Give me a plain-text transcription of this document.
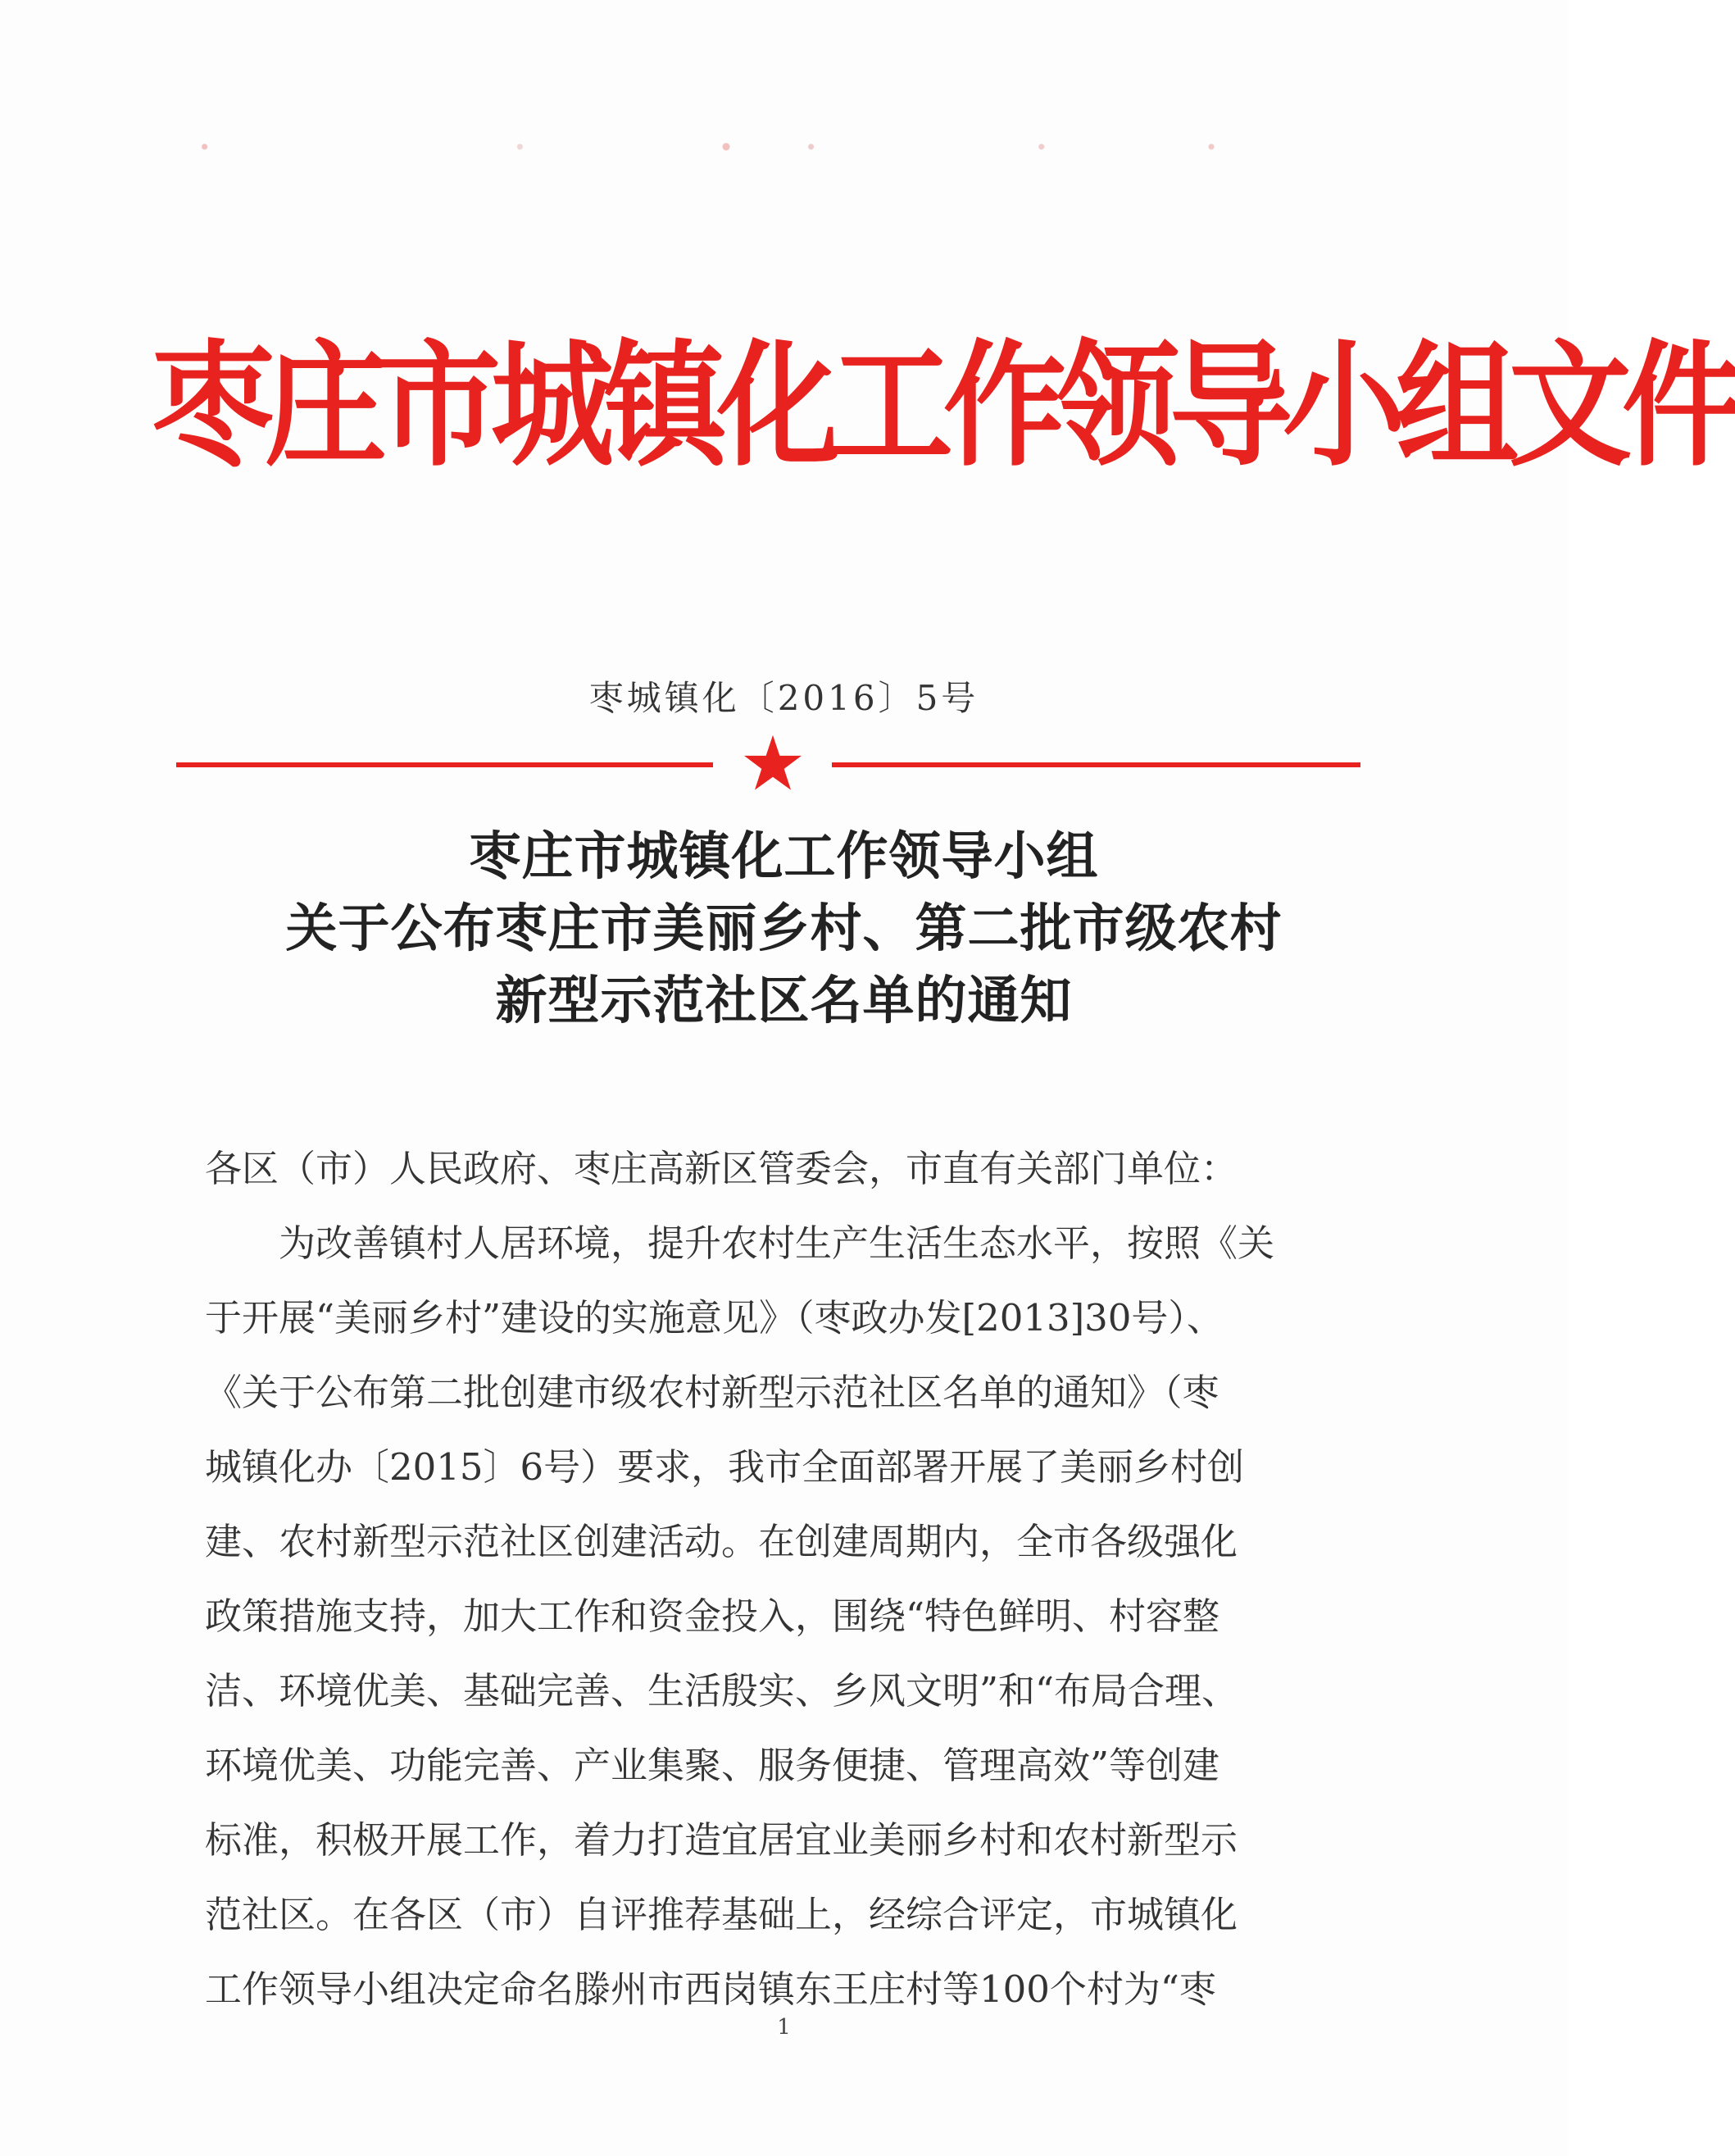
枣庄市城镇化工作领导小组文件
枣城镇化〔2016〕5号
枣庄市城镇化工作领导小组
关于公布枣庄市美丽乡村、第二批市级农村
新型示范社区名单的通知
各区（市）人民政府、枣庄高新区管委会，市直有关部门单位：
　　为改善镇村人居环境，提升农村生产生活生态水平，按照《关
于开展“美丽乡村”建设的实施意见》（枣政办发[2013]30号）、
《关于公布第二批创建市级农村新型示范社区名单的通知》（枣
城镇化办〔2015〕6号）要求，我市全面部署开展了美丽乡村创
建、农村新型示范社区创建活动。在创建周期内，全市各级强化
政策措施支持，加大工作和资金投入，围绕“特色鲜明、村容整
洁、环境优美、基础完善、生活殷实、乡风文明”和“布局合理、
环境优美、功能完善、产业集聚、服务便捷、管理高效”等创建
标准，积极开展工作，着力打造宜居宜业美丽乡村和农村新型示
范社区。在各区（市）自评推荐基础上，经综合评定，市城镇化
工作领导小组决定命名滕州市西岗镇东王庄村等100个村为“枣
1
